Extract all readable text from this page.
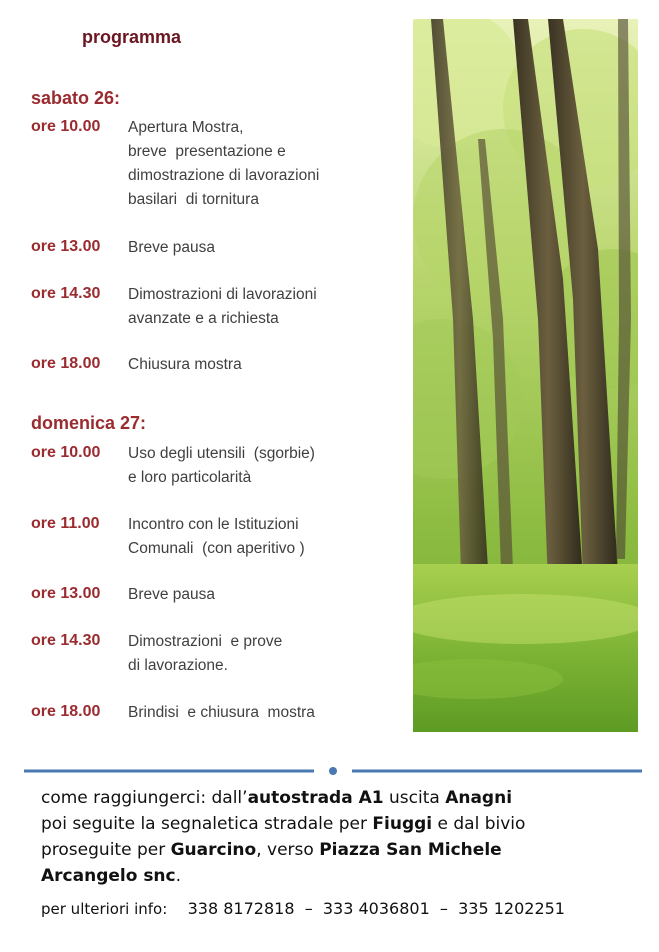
programma
sabato 26:
ore 10.00 Apertura Mostra,
breve  presentazione e
dimostrazione di lavorazioni
basilari  di tornitura
ore 13.00 Breve pausa
ore 14.30 Dimostrazioni di lavorazioni
avanzate e a richiesta
ore 18.00 Chiusura mostra
domenica 27:
ore 10.00 Uso degli utensili  (sgorbie)
e loro particolarità
ore 11.00 Incontro con le Istituzioni
Comunali  (con aperitivo )
ore 13.00 Breve pausa
ore 14.30 Dimostrazioni  e prove
di lavorazione.
ore 18.00 Brindisi  e chiusura  mostra
come raggiungerci: dall’autostrada A1 uscita Anagni
poi seguite la segnaletica stradale per Fiuggi e dal bivio
proseguite per Guarcino, verso Piazza San Michele
Arcangelo snc.
per ulteriori info: 338 8172818 – 333 4036801 – 335 1202251
